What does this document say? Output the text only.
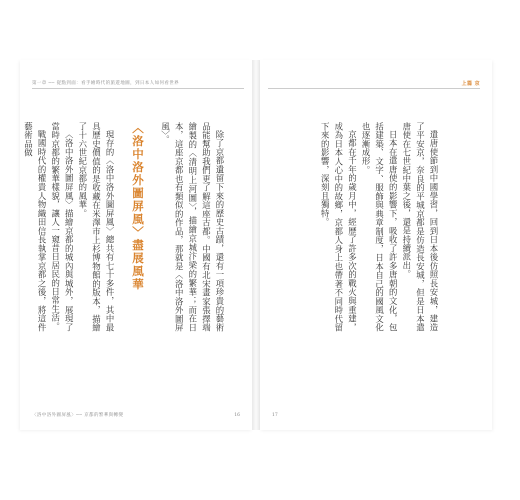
第一章 ── 從點到面：看手繪時代的旅遊地圖，到日本人如何看世界

除了京都遺留下來的歷史古蹟，還有一項珍貴的藝術品能幫助我們更了解這座古都。中國有北宋畫家張擇端繪製的〈清明上河圖〉，描繪京城汴梁的繁華；而在日本，這座京都也有類似的作品，那就是〈洛中洛外圖屏風〉。

〈洛中洛外圖屏風〉盡展風華

現存的〈洛中洛外圖屏風〉總共有七十多件，其中最具歷史價值的是收藏在米澤市上杉博物館的版本，描繪了十六世紀京都的風華。

〈洛中洛外圖屏風〉描繪京都的城內與城外，展現了當時京都的繁華樣貌，讓人一窺昔日居民的日常生活。

戰國時代的權貴人物織田信長執掌京都之後，將這件藝術品做

〈洛中洛外圖屏風〉── 京都的繁華與轉變	16
上篇 京

遣唐使節到中國學習，回到日本後仿照長安城，建造了平安京，奈良的平城京都是仿造長安城，但是日本遣唐使在七世紀中葉之後，還是持續派出。

日本在遣唐使的影響下，吸收了許多唐朝的文化，包括建築、文字、服飾與典章制度，日本自己的國風文化也逐漸成形。

京都在千年的歲月中，經歷了許多次的戰火與重建，成為日本人心中的故鄉，京都人身上也帶著不同時代留下來的影響，深刻且獨特。

17
